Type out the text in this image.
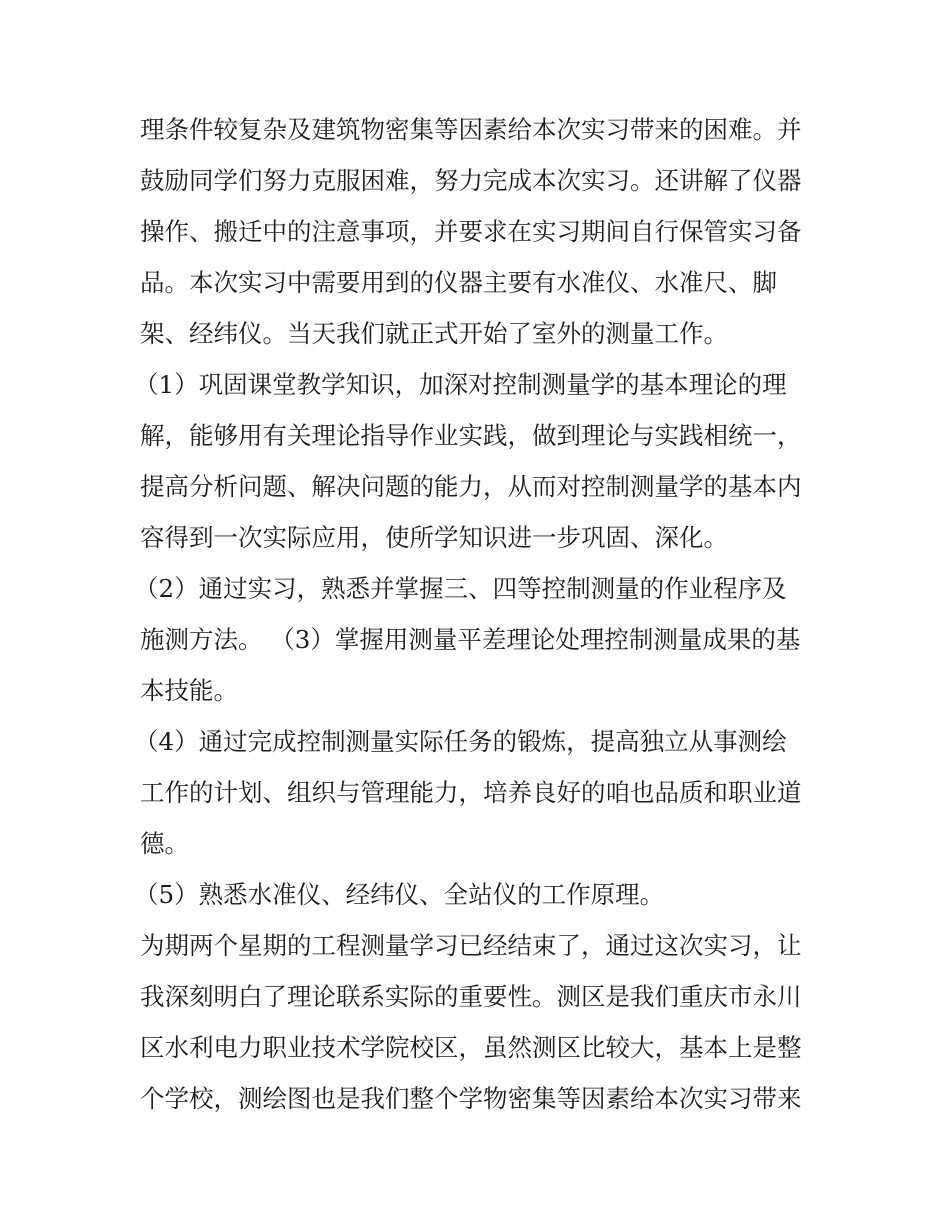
理条件较复杂及建筑物密集等因素给本次实习带来的困难。并
鼓励同学们努力克服困难，努力完成本次实习。还讲解了仪器
操作、搬迁中的注意事项，并要求在实习期间自行保管实习备
品。本次实习中需要用到的仪器主要有水准仪、水准尺、脚
架、经纬仪。当天我们就正式开始了室外的测量工作。
（1）巩固课堂教学知识，加深对控制测量学的基本理论的理
解，能够用有关理论指导作业实践，做到理论与实践相统一，
提高分析问题、解决问题的能力，从而对控制测量学的基本内
容得到一次实际应用，使所学知识进一步巩固、深化。
（2）通过实习，熟悉并掌握三、四等控制测量的作业程序及
施测方法。 （3）掌握用测量平差理论处理控制测量成果的基
本技能。
（4）通过完成控制测量实际任务的锻炼，提高独立从事测绘
工作的计划、组织与管理能力，培养良好的咱也品质和职业道
德。
（5）熟悉水准仪、经纬仪、全站仪的工作原理。
为期两个星期的工程测量学习已经结束了，通过这次实习，让
我深刻明白了理论联系实际的重要性。测区是我们重庆市永川
区水利电力职业技术学院校区，虽然测区比较大，基本上是整
个学校，测绘图也是我们整个学物密集等因素给本次实习带来
